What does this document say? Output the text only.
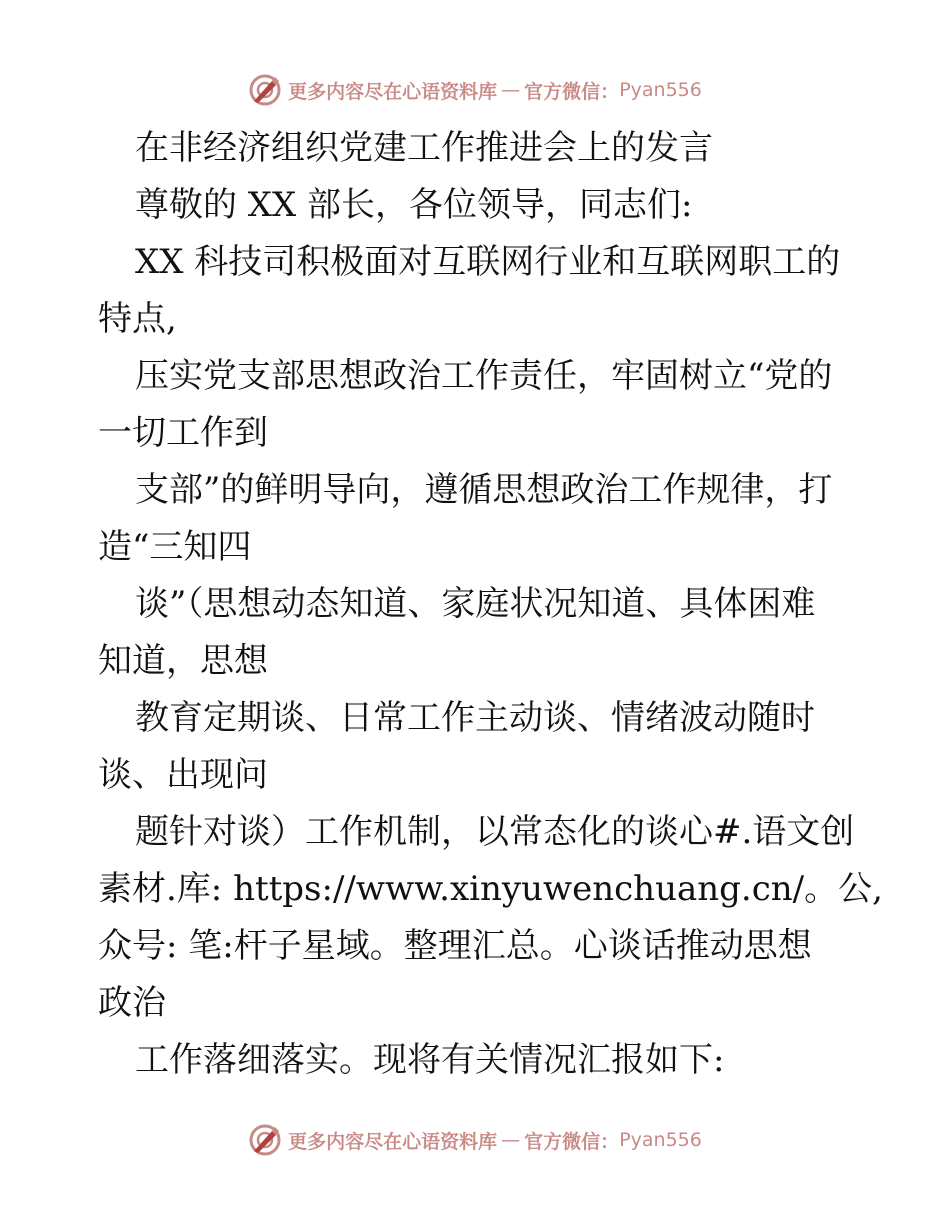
更多内容尽在心语资料库 — 官方微信： Pyan556
在非经济组织党建工作推进会上的发言
尊敬的 XX 部长，各位领导，同志们:
XX 科技司积极面对互联网行业和互联网职工的
特点,
压实党支部思想政治工作责任，牢固树立“党的
一切工作到
支部”的鲜明导向，遵循思想政治工作规律，打
造“三知四
谈”（思想动态知道、家庭状况知道、具体困难
知道，思想
教育定期谈、日常工作主动谈、情绪波动随时
谈、出现问
题针对谈）工作机制，以常态化的谈心#.语文创
素材.库: https://www.xinyuwenchuang.cn/。公,
众号: 笔:杆子星域。整理汇总。心谈话推动思想
政治
工作落细落实。现将有关情况汇报如下:
更多内容尽在心语资料库 — 官方微信： Pyan556
